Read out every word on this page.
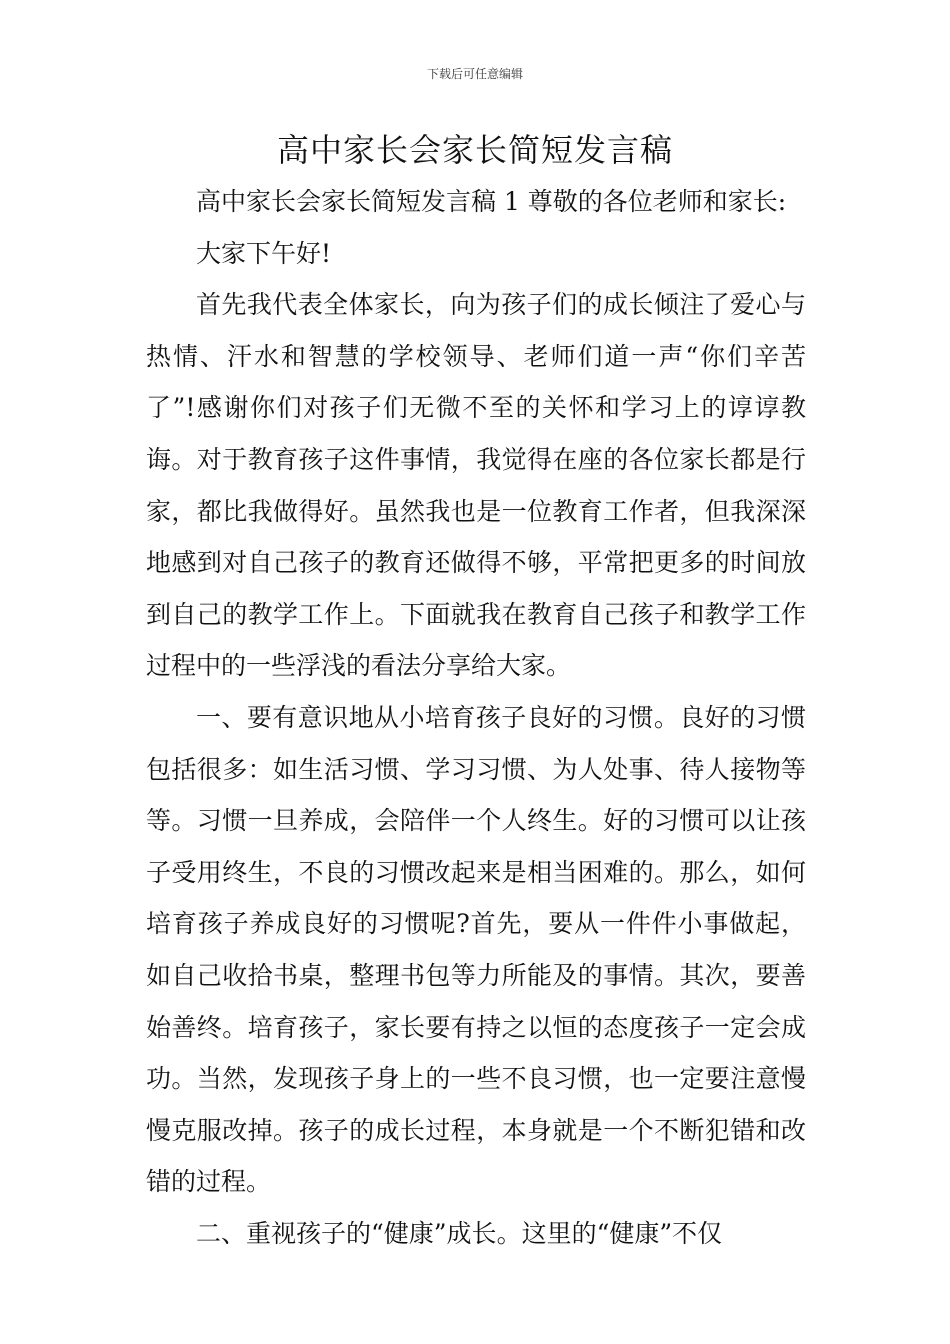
下载后可任意编辑
高中家长会家长简短发言稿

高中家长会家长简短发言稿 1 尊敬的各位老师和家长:

大家下午好!

首先我代表全体家长，向为孩子们的成长倾注了爱心与热情、汗水和智慧的学校领导、老师们道一声“你们辛苦了”!感谢你们对孩子们无微不至的关怀和学习上的谆谆教诲。对于教育孩子这件事情，我觉得在座的各位家长都是行家，都比我做得好。虽然我也是一位教育工作者，但我深深地感到对自己孩子的教育还做得不够，平常把更多的时间放到自己的教学工作上。下面就我在教育自己孩子和教学工作过程中的一些浮浅的看法分享给大家。

一、要有意识地从小培育孩子良好的习惯。良好的习惯包括很多：如生活习惯、学习习惯、为人处事、待人接物等等。习惯一旦养成，会陪伴一个人终生。好的习惯可以让孩子受用终生，不良的习惯改起来是相当困难的。那么，如何培育孩子养成良好的习惯呢?首先，要从一件件小事做起，如自己收拾书桌，整理书包等力所能及的事情。其次，要善始善终。培育孩子，家长要有持之以恒的态度孩子一定会成功。当然，发现孩子身上的一些不良习惯，也一定要注意慢慢克服改掉。孩子的成长过程，本身就是一个不断犯错和改错的过程。

二、重视孩子的“健康”成长。这里的“健康”不仅
